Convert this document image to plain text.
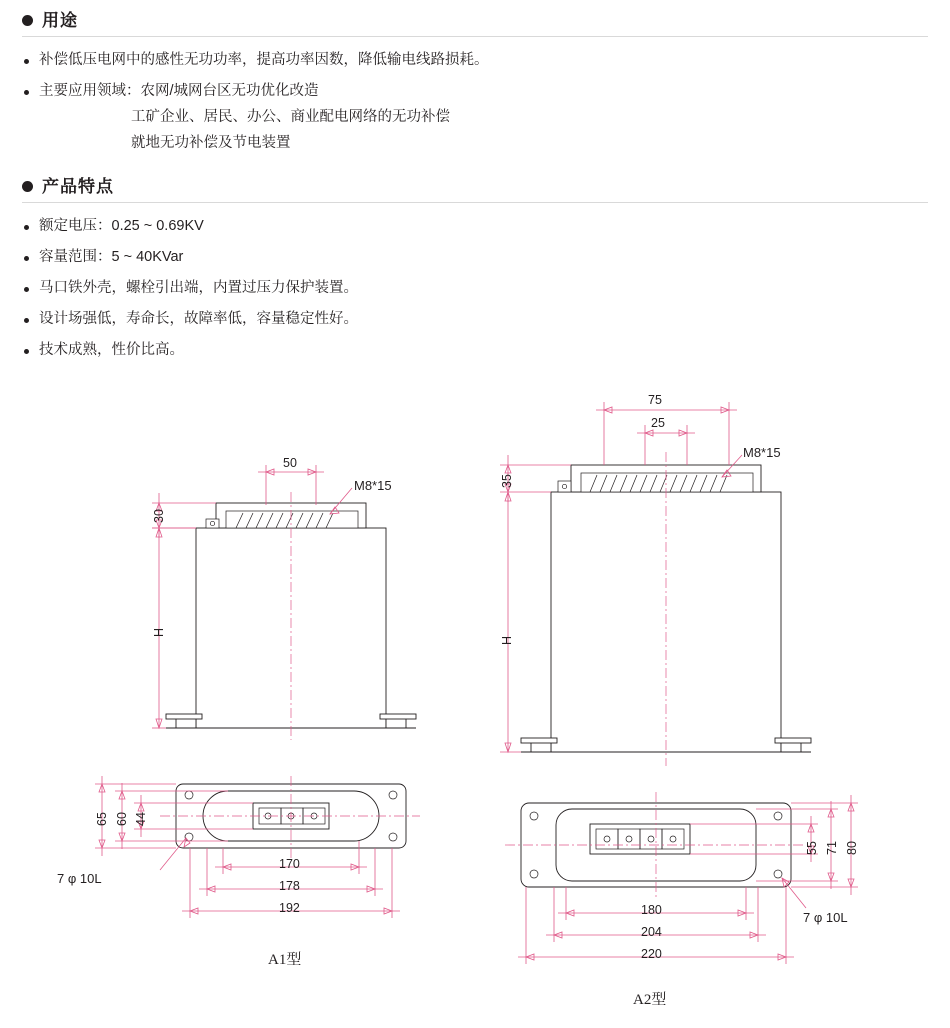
用途
补偿低压电网中的感性无功功率，提高功率因数，降低输电线路损耗。
主要应用领域：农网/城网台区无功优化改造
工矿企业、居民、办公、商业配电网络的无功补偿
就地无功补偿及节电装置
产品特点
额定电压：0.25 ~ 0.69KV
容量范围：5 ~ 40KVar
马口铁外壳，螺栓引出端，内置过压力保护装置。
设计场强低，寿命长，故障率低，容量稳定性好。
技术成熟，性价比高。
50
M8*15
30
H
65 60 44
7 φ 10L
170
178
192
A1型
75
25
M8*15
35
H
55 71 80
7 φ 10L
180
204
220
A2型
